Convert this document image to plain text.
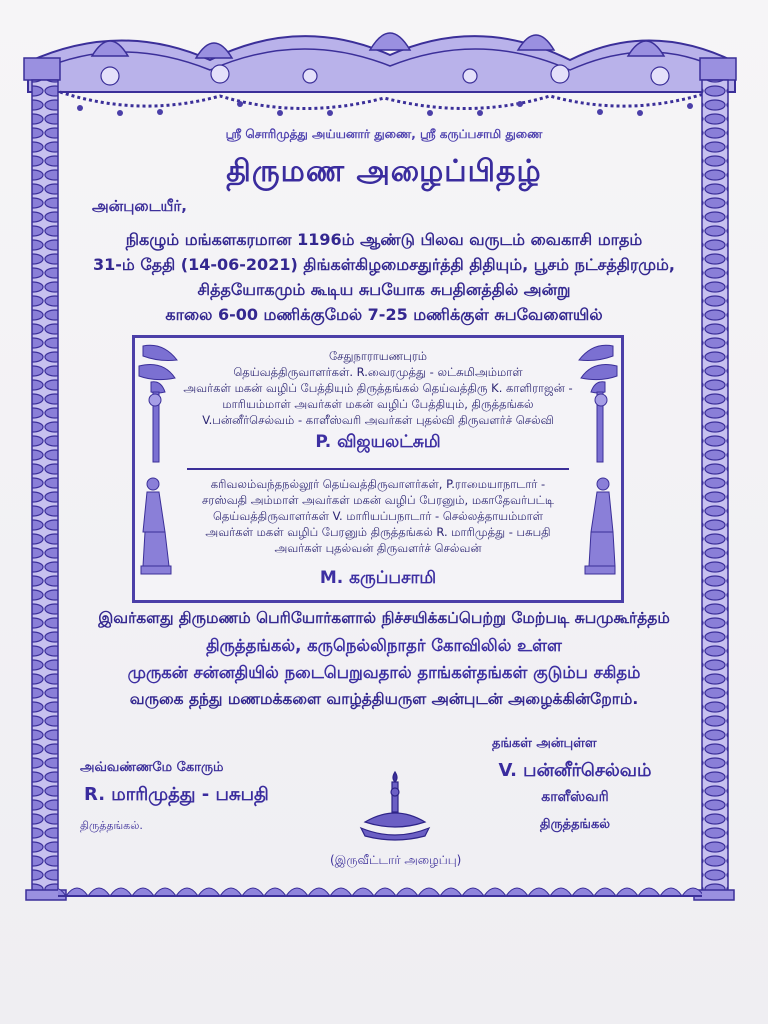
ஸ்ரீ சொரிமுத்து அய்யனார் துணை, ஸ்ரீ கருப்பசாமி துணை
திருமண அழைப்பிதழ்
அன்புடையீர்,
நிகழும் மங்களகரமான 1196ம் ஆண்டு பிலவ வருடம் வைகாசி மாதம்
31-ம் தேதி (14-06-2021) திங்கள்கிழமைசதுர்த்தி திதியும், பூசம் நட்சத்திரமும்,
சித்தயோகமும் கூடிய சுபயோக சுபதினத்தில் அன்று
காலை 6-00 மணிக்குமேல் 7-25 மணிக்குள் சுபவேளையில்
சேதுநாராயணபுரம்
தெய்வத்திருவாளர்கள். R.வைரமுத்து - லட்சுமிஅம்மாள்
அவர்கள் மகன் வழிப் பேத்தியும் திருத்தங்கல் தெய்வத்திரு K. காளிராஜன் -
மாரியம்மாள் அவர்கள் மகன் வழிப் பேத்தியும், திருத்தங்கல்
V.பன்னீர்செல்வம் - காளீஸ்வரி அவர்கள் புதல்வி திருவளர்ச் செல்வி
P. விஜயலட்சுமி
கரிவலம்வந்தநல்லூர் தெய்வத்திருவாளர்கள், P.ராமையாநாடார் -
சரஸ்வதி அம்மாள் அவர்கள் மகன் வழிப் பேரனும், மகாதேவர்பட்டி
தெய்வத்திருவாளர்கள் V. மாரியப்பநாடார் - செல்லத்தாயம்மாள்
அவர்கள் மகள் வழிப் பேரனும் திருத்தங்கல் R. மாரிமுத்து - பசுபதி
அவர்கள் புதல்வன் திருவளர்ச் செல்வன்
M. கருப்பசாமி
இவர்களது திருமணம் பெரியோர்களால் நிச்சயிக்கப்பெற்று மேற்படி சுபமுகூர்த்தம்
திருத்தங்கல், கருநெல்லிநாதர் கோவிலில் உள்ள
முருகன் சன்னதியில் நடைபெறுவதால் தாங்கள்தங்கள் குடும்ப சகிதம்
வருகை தந்து மணமக்களை வாழ்த்தியருள அன்புடன் அழைக்கின்றோம்.
அவ்வண்ணமே கோரும்
R. மாரிமுத்து - பசுபதி
திருத்தங்கல்.
தங்கள் அன்புள்ள
V. பன்னீர்செல்வம்
காளீஸ்வரி
திருத்தங்கல்
(இருவீட்டார் அழைப்பு)
